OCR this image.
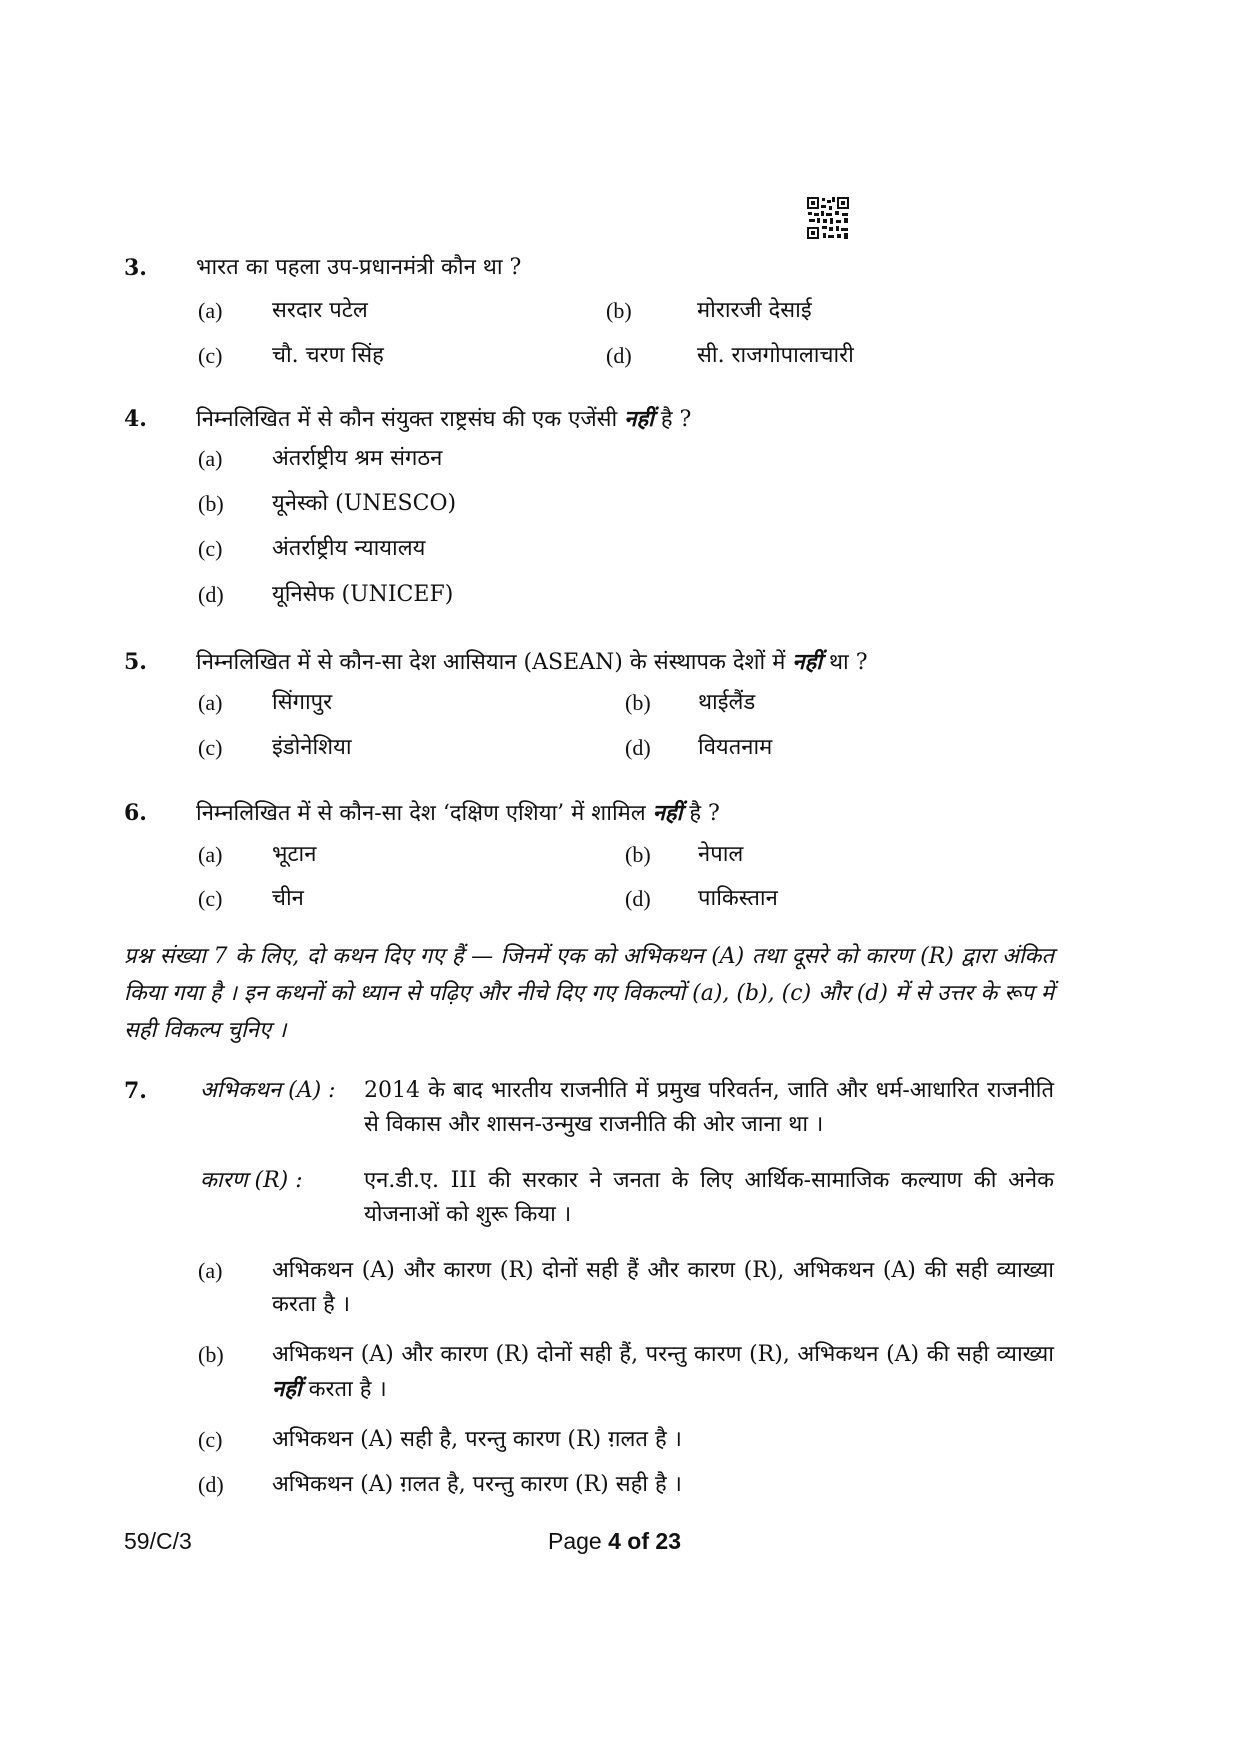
3. भारत का पहला उप-प्रधानमंत्री कौन था ?
(a) सरदार पटेल	(b)	मोरारजी देसाई
(c) चौ. चरण सिंह	(d)	सी. राजगोपालाचारी
4. निम्नलिखित में से कौन संयुक्त राष्ट्रसंघ की एक एजेंसी नहीं है ?
(a) अंतर्राष्ट्रीय श्रम संगठन
(b) यूनेस्को (UNESCO)
(c) अंतर्राष्ट्रीय न्यायालय
(d) यूनिसेफ (UNICEF)
5. निम्नलिखित में से कौन-सा देश आसियान (ASEAN) के संस्थापक देशों में नहीं था ?
(a) सिंगापुर	(b) थाईलैंड
(c) इंडोनेशिया	(d) वियतनाम
6. निम्नलिखित में से कौन-सा देश ‘दक्षिण एशिया’ में शामिल नहीं है ?
(a) भूटान	(b) नेपाल
(c) चीन	(d) पाकिस्तान
प्रश्न संख्या 7 के लिए, दो कथन दिए गए हैं — जिनमें एक को अभिकथन (A) तथा दूसरे को कारण (R) द्वारा अंकित किया गया है । इन कथनों को ध्यान से पढ़िए और नीचे दिए गए विकल्पों (a), (b), (c) और (d) में से उत्तर के रूप में सही विकल्प चुनिए ।
7. अभिकथन (A) : 2014 के बाद भारतीय राजनीति में प्रमुख परिवर्तन, जाति और धर्म-आधारित राजनीति से विकास और शासन-उन्मुख राजनीति की ओर जाना था ।
कारण (R) :	एन.डी.ए. III की सरकार ने जनता के लिए आर्थिक-सामाजिक कल्याण की अनेक योजनाओं को शुरू किया ।
(a) अभिकथन (A) और कारण (R) दोनों सही हैं और कारण (R), अभिकथन (A) की सही व्याख्या करता है ।
(b) अभिकथन (A) और कारण (R) दोनों सही हैं, परन्तु कारण (R), अभिकथन (A) की सही व्याख्या नहीं करता है ।
(c) अभिकथन (A) सही है, परन्तु कारण (R) ग़लत है ।
(d) अभिकथन (A) ग़लत है, परन्तु कारण (R) सही है ।
59/C/3	Page 4 of 23
